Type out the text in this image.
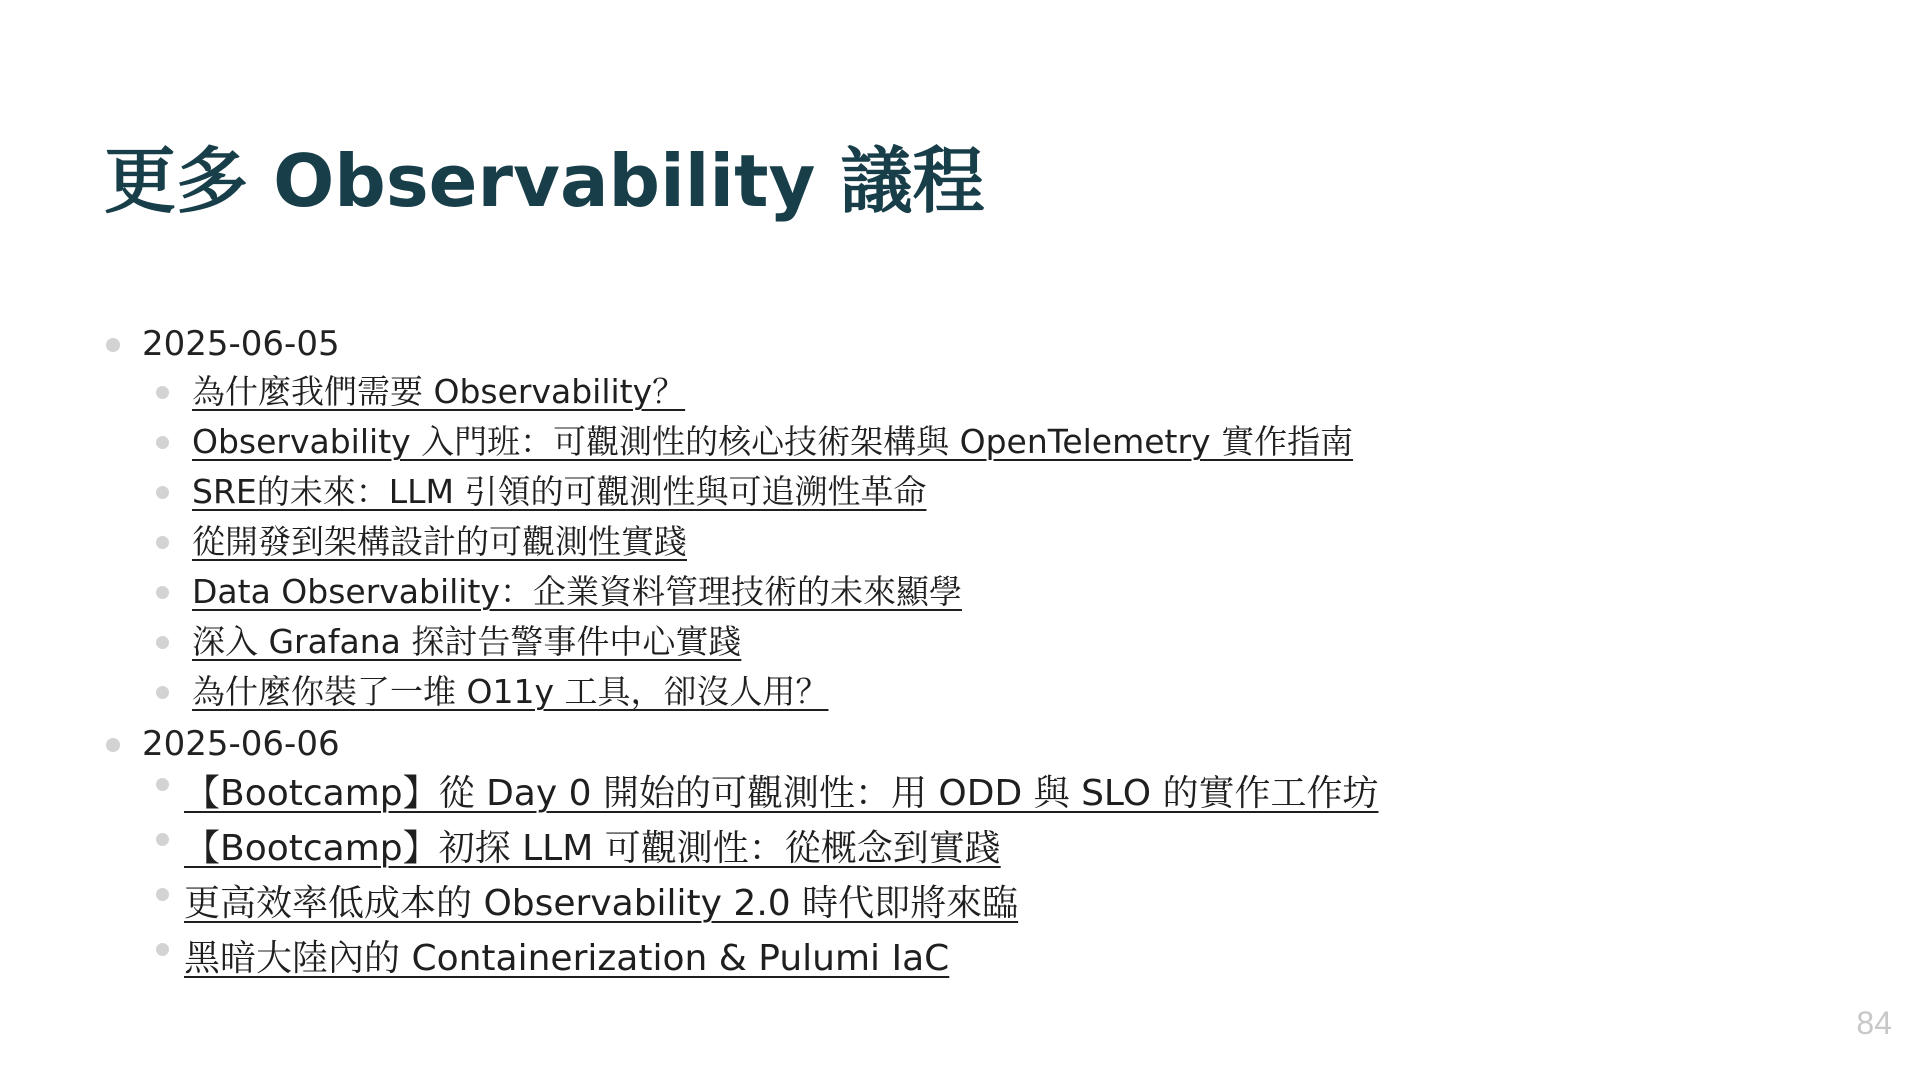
更多 Observability 議程
2025-06-05
為什麼我們需要 Observability？
Observability 入門班：可觀測性的核心技術架構與 OpenTelemetry 實作指南
SRE的未來：LLM 引領的可觀測性與可追溯性革命
從開發到架構設計的可觀測性實踐
Data Observability：企業資料管理技術的未來顯學
深入 Grafana 探討告警事件中心實踐
為什麼你裝了一堆 O11y 工具，卻沒人用？
2025-06-06
【Bootcamp】從 Day 0 開始的可觀測性：用 ODD 與 SLO 的實作工作坊
【Bootcamp】初探 LLM 可觀測性：從概念到實踐
更高效率低成本的 Observability 2.0 時代即將來臨
黑暗大陸內的 Containerization & Pulumi IaC
84
